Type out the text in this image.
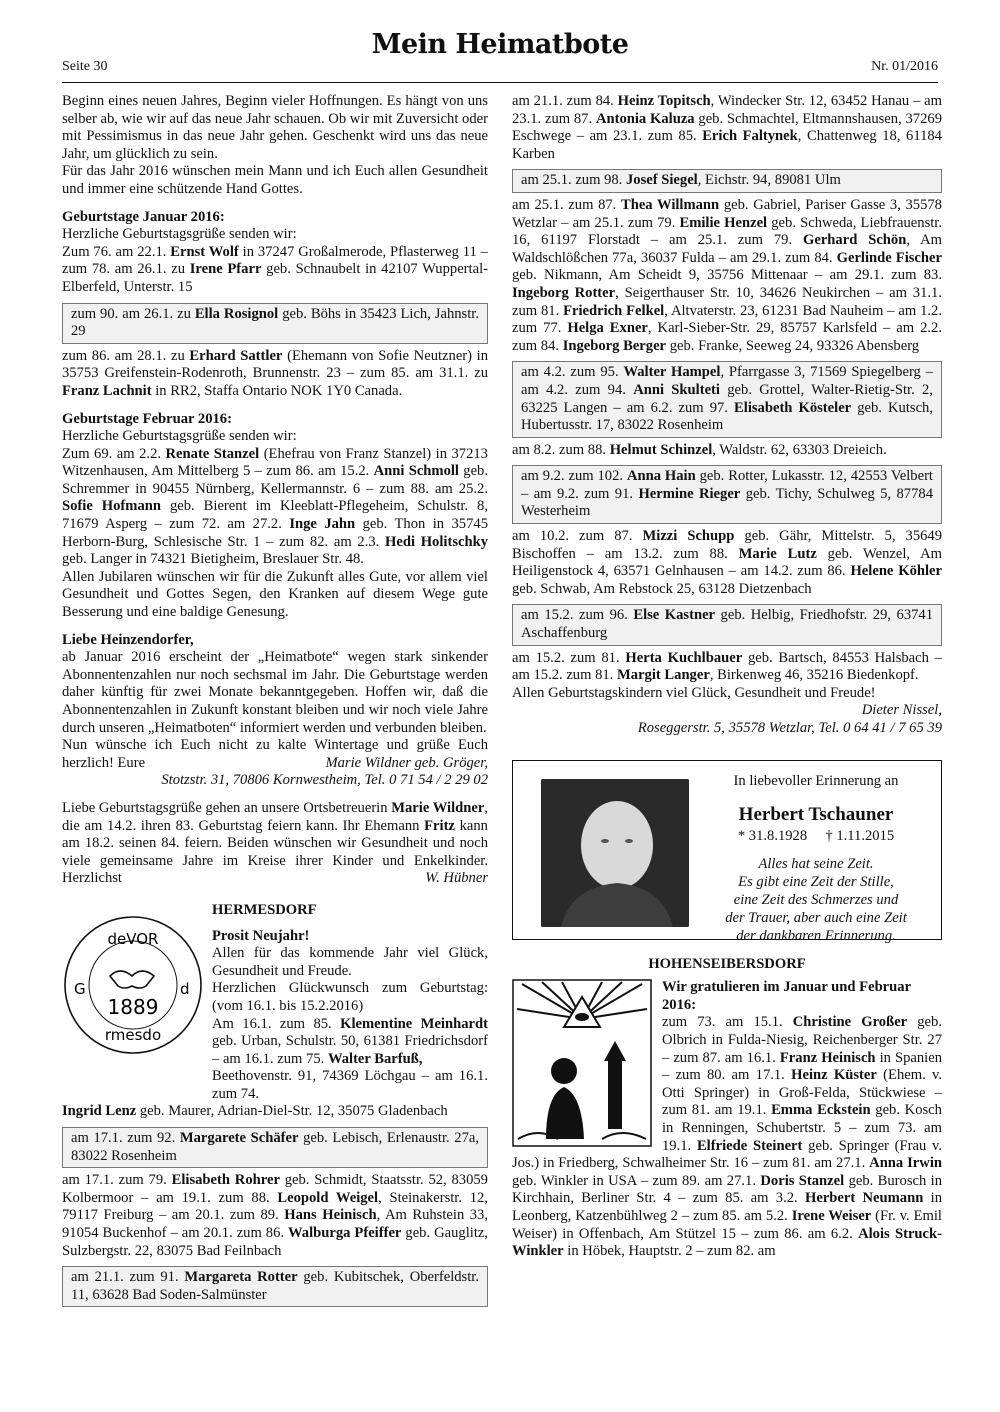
Seite 30
Mein Heimatbote
Nr. 01/2016

Beginn eines neuen Jahres, Beginn vieler Hoffnungen. Es hängt von uns selber ab, wie wir auf das neue Jahr schauen. Ob wir mit Zuversicht oder mit Pessimismus in das neue Jahr gehen. Geschenkt wird uns das neue Jahr, um glücklich zu sein.

Für das Jahr 2016 wünschen mein Mann und ich Euch allen Gesundheit und immer eine schützende Hand Gottes.

Geburtstage Januar 2016:

Herzliche Geburtstagsgrüße senden wir:

Zum 76. am 22.1. Ernst Wolf in 37247 Großalmerode, Pflasterweg 11 – zum 78. am 26.1. zu Irene Pfarr geb. Schnaubelt in 42107 Wuppertal-Elberfeld, Unterstr. 15

zum 90. am 26.1. zu Ella Rosignol geb. Böhs in 35423 Lich, Jahnstr. 29

zum 86. am 28.1. zu Erhard Sattler (Ehemann von Sofie Neutzner) in 35753 Greifenstein-Rodenroth, Brunnenstr. 23 – zum 85. am 31.1. zu Franz Lachnit in RR2, Staffa Ontario NOK 1Y0 Canada.

Geburtstage Februar 2016:

Herzliche Geburtstagsgrüße senden wir:

Zum 69. am 2.2. Renate Stanzel (Ehefrau von Franz Stanzel) in 37213 Witzenhausen, Am Mittelberg 5 – zum 86. am 15.2. Anni Schmoll geb. Schremmer in 90455 Nürnberg, Kellermannstr. 6 – zum 88. am 25.2. Sofie Hofmann geb. Bierent im Kleeblatt-Pflegeheim, Schulstr. 8, 71679 Asperg – zum 72. am 27.2. Inge Jahn geb. Thon in 35745 Herborn-Burg, Schlesische Str. 1 – zum 82. am 2.3. Hedi Holitschky geb. Langer in 74321 Bietigheim, Breslauer Str. 48.

Allen Jubilaren wünschen wir für die Zukunft alles Gute, vor allem viel Gesundheit und Gottes Segen, den Kranken auf diesem Wege gute Besserung und eine baldige Genesung.

Liebe Heinzendorfer,

ab Januar 2016 erscheint der „Heimatbote“ wegen stark sinkender Abonnentenzahlen nur noch sechsmal im Jahr. Die Geburtstage werden daher künftig für zwei Monate bekanntgegeben. Hoffen wir, daß die Abonnentenzahlen in Zukunft konstant bleiben und wir noch viele Jahre durch unseren „Heimatboten“ informiert werden und verbunden bleiben.

Nun wünsche ich Euch nicht zu kalte Wintertage und grüße Euch herzlich! Eure	Marie Wildner geb. Gröger,

Stotzstr. 31, 70806 Kornwestheim, Tel. 0 71 54 / 2 29 02

Liebe Geburtstagsgrüße gehen an unsere Ortsbetreuerin Marie Wildner, die am 14.2. ihren 83. Geburtstag feiern kann. Ihr Ehemann Fritz kann am 18.2. seinen 84. feiern. Beiden wünschen wir Gesundheit und noch viele gemeinsame Jahre im Kreise ihrer Kinder und Enkelkinder. Herzlichst	W. Hübner

HERMESDORF
deVOR
rmesdo
G	d
1889
Prosit Neujahr!

Allen für das kommende Jahr viel Glück, Gesundheit und Freude.

Herzlichen Glückwunsch zum Geburtstag: (vom 16.1. bis 15.2.2016)

Am 16.1. zum 85. Klementine Meinhardt geb. Urban, Schulstr. 50, 61381 Friedrichsdorf – am 16.1. zum 75. Walter Barfuß,

Beethovenstr. 91, 74369 Löchgau – am 16.1. zum 74.

Ingrid Lenz geb. Maurer, Adrian-Diel-Str. 12, 35075 Gladenbach

am 17.1. zum 92. Margarete Schäfer geb. Lebisch, Erlenaustr. 27a, 83022 Rosenheim

am 17.1. zum 79. Elisabeth Rohrer geb. Schmidt, Staatsstr. 52, 83059 Kolbermoor – am 19.1. zum 88. Leopold Weigel, Steinakerstr. 12, 79117 Freiburg – am 20.1. zum 89. Hans Heinisch, Am Ruhstein 33, 91054 Buckenhof – am 20.1. zum 86. Walburga Pfeiffer geb. Gauglitz, Sulzbergstr. 22, 83075 Bad Feilnbach

am 21.1. zum 91. Margareta Rotter geb. Kubitschek, Oberfeldstr. 11, 63628 Bad Soden-Salmünster

am 21.1. zum 84. Heinz Topitsch, Windecker Str. 12, 63452 Hanau – am 23.1. zum 87. Antonia Kaluza geb. Schmachtel, Eltmannshausen, 37269 Eschwege – am 23.1. zum 85. Erich Faltynek, Chattenweg 18, 61184 Karben

am 25.1. zum 98. Josef Siegel, Eichstr. 94, 89081 Ulm

am 25.1. zum 87. Thea Willmann geb. Gabriel, Pariser Gasse 3, 35578 Wetzlar – am 25.1. zum 79. Emilie Henzel geb. Schweda, Liebfrauenstr. 16, 61197 Florstadt – am 25.1. zum 79. Gerhard Schön, Am Waldschlößchen 77a, 36037 Fulda – am 29.1. zum 84. Gerlinde Fischer geb. Nikmann, Am Scheidt 9, 35756 Mittenaar – am 29.1. zum 83. Ingeborg Rotter, Seigerthauser Str. 10, 34626 Neukirchen – am 31.1. zum 81. Friedrich Felkel, Altvaterstr. 23, 61231 Bad Nauheim – am 1.2. zum 77. Helga Exner, Karl-Sieber-Str. 29, 85757 Karlsfeld – am 2.2. zum 84. Ingeborg Berger geb. Franke, Seeweg 24, 93326 Abensberg

am 4.2. zum 95. Walter Hampel, Pfarrgasse 3, 71569 Spiegelberg – am 4.2. zum 94. Anni Skulteti geb. Grottel, Walter-Rietig-Str. 2, 63225 Langen – am 6.2. zum 97. Elisabeth Kösteler geb. Kutsch, Hubertusstr. 17, 83022 Rosenheim

am 8.2. zum 88. Helmut Schinzel, Waldstr. 62, 63303 Dreieich.

am 9.2. zum 102. Anna Hain geb. Rotter, Lukasstr. 12, 42553 Velbert – am 9.2. zum 91. Hermine Rieger geb. Tichy, Schulweg 5, 87784 Westerheim

am 10.2. zum 87. Mizzi Schupp geb. Gähr, Mittelstr. 5, 35649 Bischoffen – am 13.2. zum 88. Marie Lutz geb. Wenzel, Am Heiligenstock 4, 63571 Gelnhausen – am 14.2. zum 86. Helene Köhler geb. Schwab, Am Rebstock 25, 63128 Dietzenbach

am 15.2. zum 96. Else Kastner geb. Helbig, Friedhofstr. 29, 63741 Aschaffenburg

am 15.2. zum 81. Herta Kuchlbauer geb. Bartsch, 84553 Halsbach – am 15.2. zum 81. Margit Langer, Birkenweg 46, 35216 Biedenkopf.

Allen Geburtstagskindern viel Glück, Gesundheit und Freude!

Dieter Nissel,

Roseggerstr. 5, 35578 Wetzlar, Tel. 0 64 41 / 7 65 39

In liebevoller Erinnerung an
Herbert Tschauner
* 31.8.1928     † 1.11.2015
Alles hat seine Zeit.
Es gibt eine Zeit der Stille,
eine Zeit des Schmerzes und
der Trauer, aber auch eine Zeit
der dankbaren Erinnerung.
HOHENSEIBERSDORF

Wir gratulieren im Januar und Februar 2016:

zum 73. am 15.1. Christine Großer geb. Olbrich in Fulda-Niesig, Reichenberger Str. 27 – zum 87. am 16.1. Franz Heinisch in Spanien – zum 80. am 17.1. Heinz Küster (Ehem. v. Otti Springer) in Groß-Felda, Stückwiese – zum 81. am 19.1. Emma Eckstein geb. Kosch in Renningen, Schubertstr. 5 – zum 73. am 19.1. Elfriede Steinert geb. Springer (Frau v. Jos.) in Friedberg, Schwalheimer Str. 16 – zum 81. am 27.1. Anna Irwin geb. Winkler in USA – zum 89. am 27.1. Doris Stanzel geb. Burosch in Kirchhain, Berliner Str. 4 – zum 85. am 3.2. Herbert Neumann in Leonberg, Katzenbühlweg 2 – zum 85. am 5.2. Irene Weiser (Fr. v. Emil Weiser) in Offenbach, Am Stützel 15 – zum 86. am 6.2. Alois Struck-Winkler in Höbek, Hauptstr. 2 – zum 82. am
